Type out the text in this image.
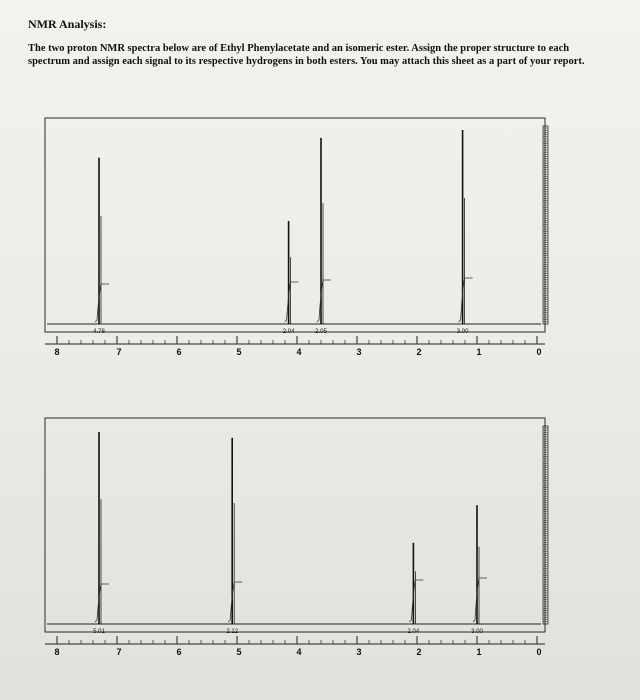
NMR Analysis:

The two proton NMR spectra below are of Ethyl Phenylacetate and an isomeric ester. Assign the proper structure to each spectrum and assign each signal to its respective hydrogens in both esters. You may attach this sheet as a part of your report.

4.78	2.04	2.05	3.00
8	7	6	5	4	3	2	1	0
5.01	2.12	2.04	3.00
8	7	6	5	4	3	2	1	0
